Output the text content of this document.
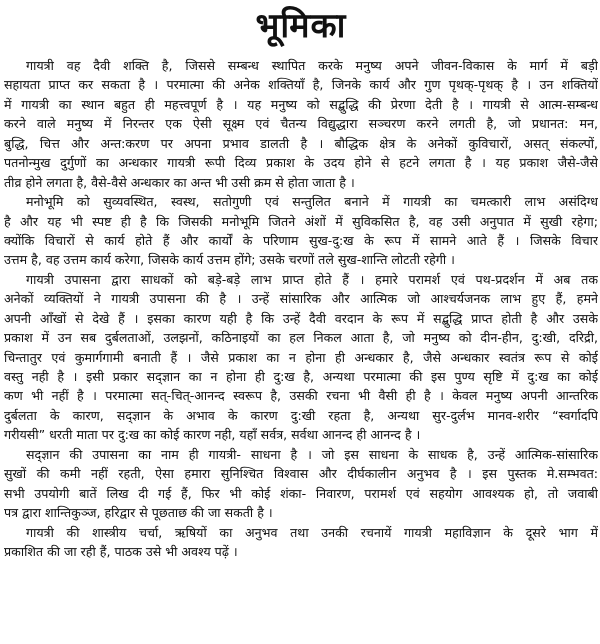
भूमिका

गायत्री वह दैवी शक्ति है, जिससे सम्बन्ध स्थापित करके मनुष्य अपने जीवन-विकास के मार्ग में बड़ी
सहायता प्राप्त कर सकता है । परमात्मा की अनेक शक्तियाँ है, जिनके कार्य और गुण पृथक्-पृथक् है । उन शक्तियों
में गायत्री का स्थान बहुत ही महत्त्वपूर्ण है । यह मनुष्य को सद्बुद्धि की प्रेरणा देती है । गायत्री से आत्म-सम्बन्ध
करने वाले मनुष्य में निरन्तर एक ऐसी सूक्ष्म एवं चैतन्य विद्युद्धारा सञ्चरण करने लगती है, जो प्रधानत: मन,
बुद्धि, चित्त और अन्त:करण पर अपना प्रभाव डालती है । बौद्धिक क्षेत्र के अनेकों कुविचारों, असत् संकल्पों,
पतनोन्मुख दुर्गुणों का अन्धकार गायत्री रूपी दिव्य प्रकाश के उदय होने से हटने लगता है । यह प्रकाश जैसे-जैसे
तीव्र होने लगता है, वैसे-वैसे अन्धकार का अन्त भी उसी क्रम से होता जाता है ।

मनोभूमि को सुव्यवस्थित, स्वस्थ, सतोगुणी एवं सन्तुलित बनाने में गायत्री का चमत्कारी लाभ असंदिग्ध
है और यह भी स्पष्ट ही है कि जिसकी मनोभूमि जितने अंशों में सुविकसित है, वह उसी अनुपात में सुखी रहेगा;
क्योंकि विचारों से कार्य होते हैं और कार्यों के परिणाम सुख-दु:ख के रूप में सामने आते हैं । जिसके विचार
उत्तम है, वह उत्तम कार्य करेगा, जिसके कार्य उत्तम होंगे; उसके चरणों तले सुख-शान्ति लोटती रहेगी ।

गायत्री उपासना द्वारा साधकों को बड़े-बड़े लाभ प्राप्त होते हैं । हमारे परामर्श एवं पथ-प्रदर्शन में अब तक
अनेकों व्यक्तियों ने गायत्री उपासना की है । उन्हें सांसारिक और आत्मिक जो आश्चर्यजनक लाभ हुए हैं, हमने
अपनी आँखों से देखे हैं । इसका कारण यही है कि उन्हें दैवी वरदान के रूप में सद्बुद्धि प्राप्त होती है और उसके
प्रकाश में उन सब दुर्बलताओं, उलझनों, कठिनाइयों का हल निकल आता है, जो मनुष्य को दीन-हीन, दु:खी, दरिद्री,
चिन्तातुर एवं कुमार्गगामी बनाती हैं । जैसे प्रकाश का न होना ही अन्धकार है, जैसे अन्धकार स्वतंत्र रूप से कोई
वस्तु नही है । इसी प्रकार सद्ज्ञान का न होना ही दु:ख है, अन्यथा परमात्मा की इस पुण्य सृष्टि में दु:ख का कोई
कण भी नहीं है । परमात्मा सत्-चित्-आनन्द स्वरूप है, उसकी रचना भी वैसी ही है । केवल मनुष्य अपनी आन्तरिक
दुर्बलता के कारण, सद्ज्ञान के अभाव के कारण दु:खी रहता है, अन्यथा सुर-दुर्लभ मानव-शरीर “स्वर्गादपि
गरीयसी” धरती माता पर दु:ख का कोई कारण नही, यहाँ सर्वत्र, सर्वथा आनन्द ही आनन्द है ।

सद्ज्ञान की उपासना का नाम ही गायत्री- साधना है । जो इस साधना के साधक है, उन्हें आत्मिक-सांसारिक
सुखों की कमी नहीं रहती, ऐसा हमारा सुनिश्चित विश्वास और दीर्घकालीन अनुभव है । इस पुस्तक मे.सम्भवत:
सभी उपयोगी बातें लिख दी गई हैं, फिर भी कोई शंका- निवारण, परामर्श एवं सहयोग आवश्यक हो, तो जवाबी
पत्र द्वारा शान्तिकुञ्ज, हरिद्वार से पूछताछ की जा सकती है ।

गायत्री की शास्त्रीय चर्चा, ऋषियों का अनुभव तथा उनकी रचनायें गायत्री महाविज्ञान के दूसरे भाग में
प्रकाशित की जा रही हैं, पाठक उसे भी अवश्य पढ़ें ।
